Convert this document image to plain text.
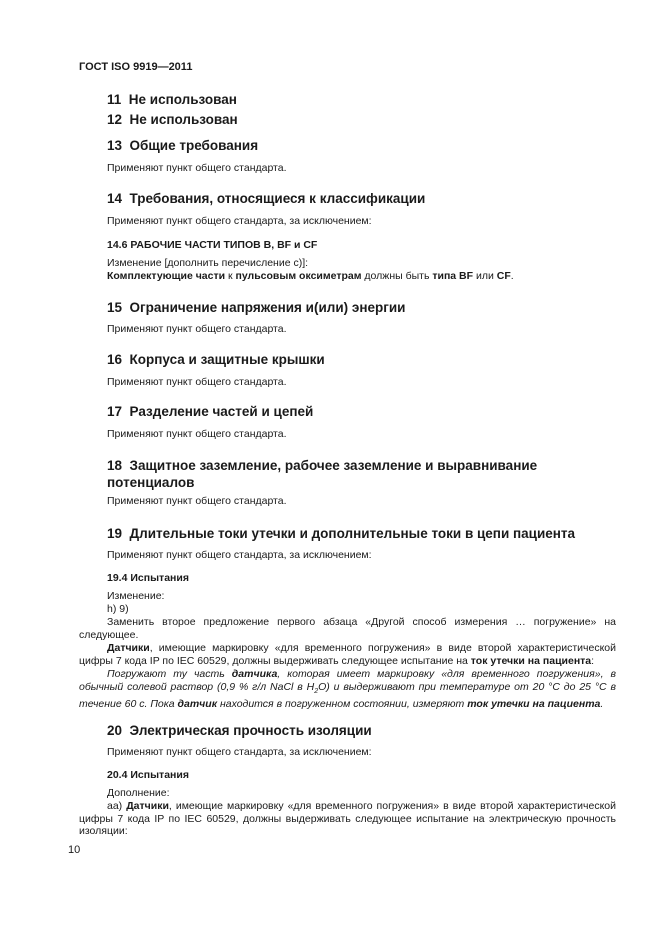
ГОСТ ISO 9919—2011
11 Не использован
12 Не использован
13 Общие требования
Применяют пункт общего стандарта.
14 Требования, относящиеся к классификации
Применяют пункт общего стандарта, за исключением:
14.6 РАБОЧИЕ ЧАСТИ ТИПОВ B, BF и CF
Изменение [дополнить перечисление с)]:
Комплектующие части к пульсовым оксиметрам должны быть типа BF или CF.
15 Ограничение напряжения и(или) энергии
Применяют пункт общего стандарта.
16 Корпуса и защитные крышки
Применяют пункт общего стандарта.
17 Разделение частей и цепей
Применяют пункт общего стандарта.
18 Защитное заземление, рабочее заземление и выравнивание
потенциалов
Применяют пункт общего стандарта.
19 Длительные токи утечки и дополнительные токи в цепи пациента
Применяют пункт общего стандарта, за исключением:
19.4 Испытания
Изменение:
h) 9)
Заменить второе предложение первого абзаца «Другой способ измерения … погружение» на следующее.
Датчики, имеющие маркировку «для временного погружения» в виде второй характеристической цифры 7 кода IP по IEC 60529, должны выдерживать следующее испытание на ток утечки на пациента:
Погружают ту часть датчика, которая имеет маркировку «для временного погружения», в обычный солевой раствор (0,9 % г/л NaCl в $H_2O$) и выдерживают при температуре от 20 °С до 25 °С в течение 60 с. Пока датчик находится в погруженном состоянии, измеряют ток утечки на пациента.
20 Электрическая прочность изоляции
Применяют пункт общего стандарта, за исключением:
20.4 Испытания
Дополнение:
аа) Датчики, имеющие маркировку «для временного погружения» в виде второй характеристической цифры 7 кода IP по IEC 60529, должны выдерживать следующее испытание на электрическую прочность изоляции:
10
